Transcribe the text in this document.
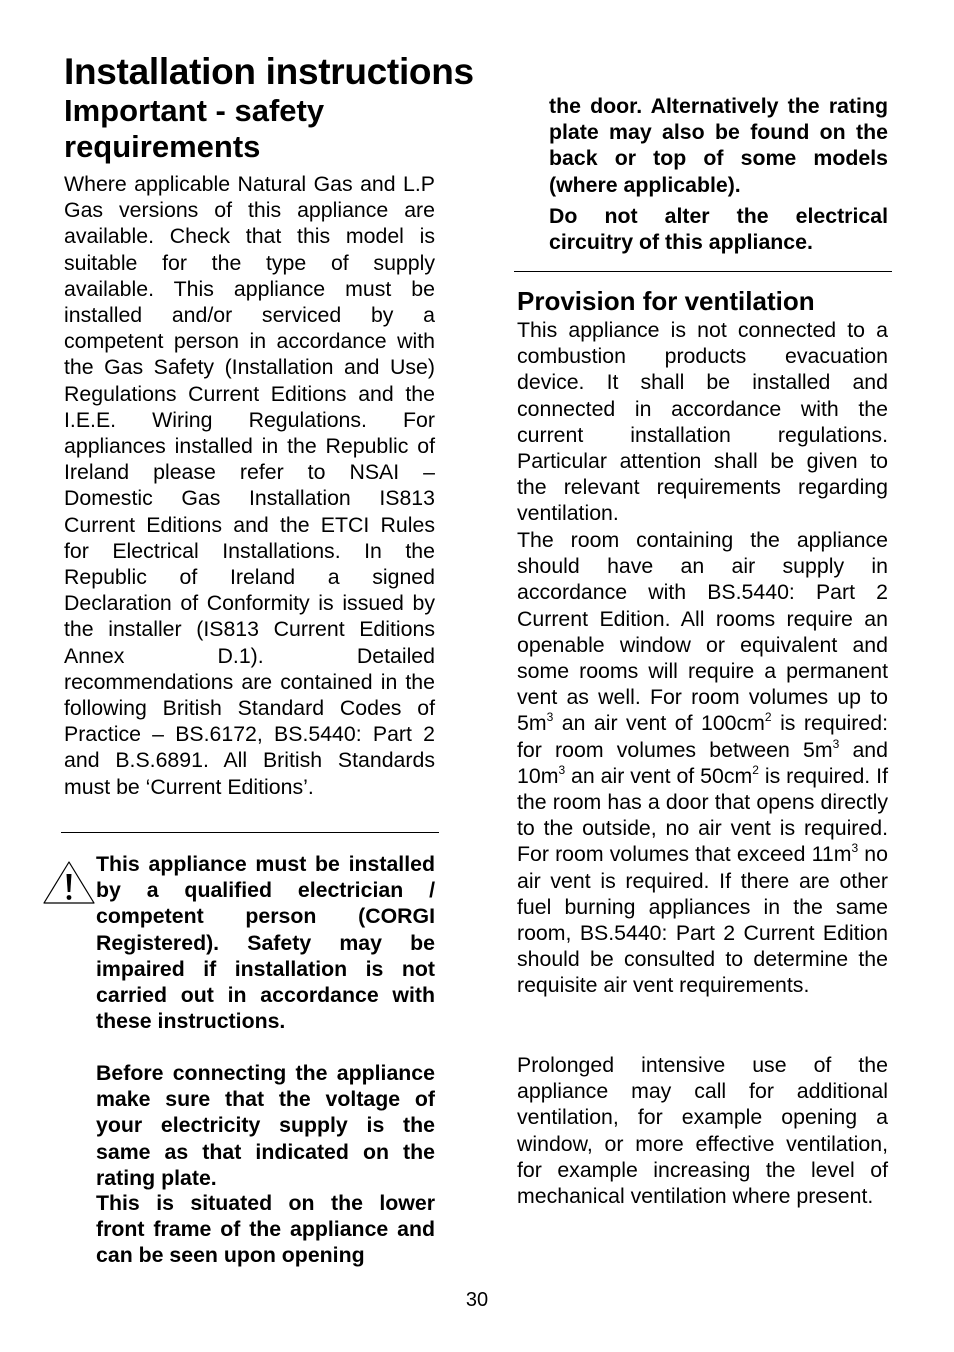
Installation instructions
Important - safety requirements

Where applicable Natural Gas and L.P Gas versions of this appliance are available. Check that this model is suitable for the type of supply available. This appliance must be installed and/or serviced by a competent person in accordance with the Gas Safety (Installation and Use) Regulations Current Editions and the I.E.E. Wiring Regulations. For appliances installed in the Republic of Ireland please refer to NSAI – Domestic Gas Installation IS813 Current Editions and the ETCI Rules for Electrical Installations. In the Republic of Ireland a signed Declaration of Conformity is issued by the installer (IS813 Current Editions Annex D.1). Detailed recommendations are contained in the following British Standard Codes of Practice – BS.6172, BS.5440: Part 2 and B.S.6891. All British Standards must be ‘Current Editions’.

This appliance must be installed by a qualified electrician / competent person (CORGI Registered). Safety may be impaired if installation is not carried out in accordance with these instructions.

Before connecting the appliance make sure that the voltage of your electricity supply is the same as that indicated on the rating plate.

This is situated on the lower front frame of the appliance and can be seen upon opening

the door. Alternatively the rating plate may also be found on the back or top of some models (where applicable).

Do not alter the electrical circuitry of this appliance.

Provision for ventilation

This appliance is not connected to a combustion products evacuation device. It shall be installed and connected in accordance with the current installation regulations. Particular attention shall be given to the relevant requirements regarding ventilation.

The room containing the appliance should have an air supply in accordance with BS.5440: Part 2 Current Edition. All rooms require an openable window or equivalent and some rooms will require a permanent vent as well. For room volumes up to $5m^3$ an air vent of $100cm^2$ is required: for room volumes between $5m^3$ and $10m^3$ an air vent of $50cm^2$ is required. If the room has a door that opens directly to the outside, no air vent is required. For room volumes that exceed $11m^3$ no air vent is required. If there are other fuel burning appliances in the same room, BS.5440: Part 2 Current Edition should be consulted to determine the requisite air vent requirements.

Prolonged intensive use of the appliance may call for additional ventilation, for example opening a window, or more effective ventilation, for example increasing the level of mechanical ventilation where present.

30
